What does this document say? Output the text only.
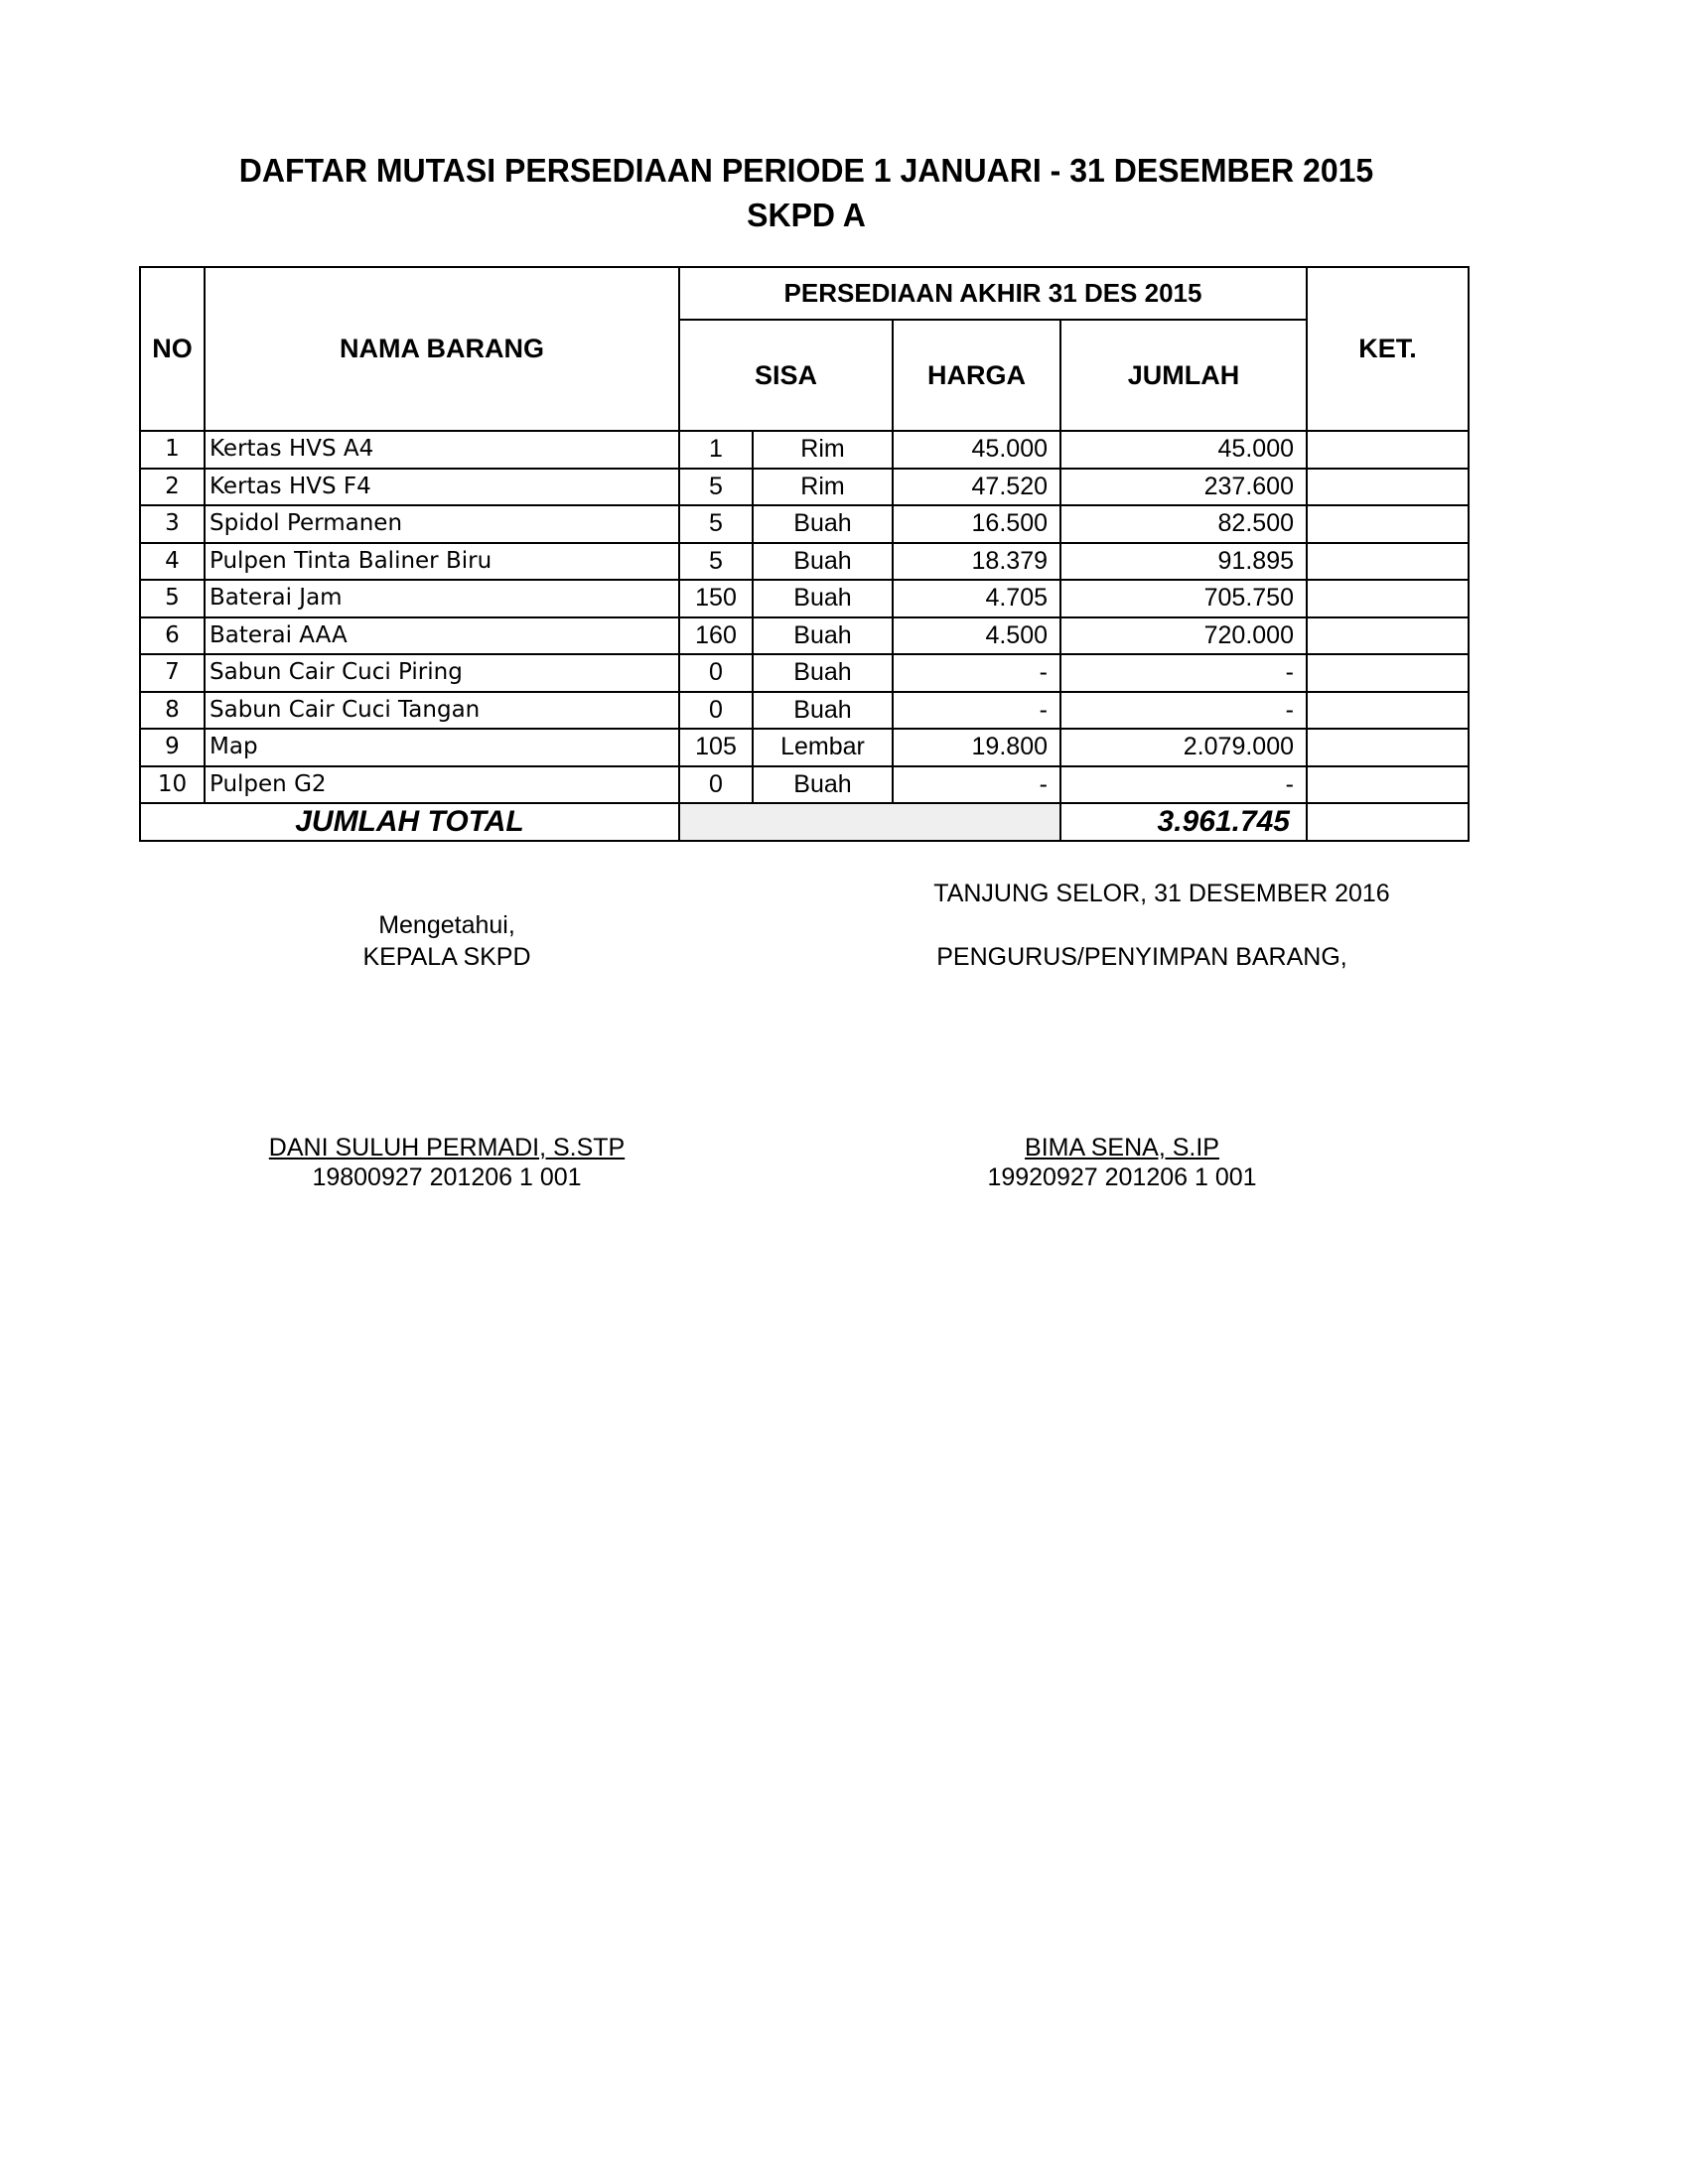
DAFTAR MUTASI PERSEDIAAN PERIODE 1 JANUARI - 31 DESEMBER 2015
SKPD A
NO	NAMA BARANG	PERSEDIAAN AKHIR 31 DES 2015				KET.
		SISA		HARGA	JUMLAH	
1	Kertas HVS A4	1	Rim	45.000	45.000	
2	Kertas HVS F4	5	Rim	47.520	237.600	
3	Spidol Permanen	5	Buah	16.500	82.500	
4	Pulpen Tinta Baliner Biru	5	Buah	18.379	91.895	
5	Baterai Jam	150	Buah	4.705	705.750	
6	Baterai AAA	160	Buah	4.500	720.000	
7	Sabun Cair Cuci Piring	0	Buah	-	-	
8	Sabun Cair Cuci Tangan	0	Buah	-	-	
9	Map	105	Lembar	19.800	2.079.000	
10	Pulpen G2	0	Buah	-	-	
JUMLAH TOTAL					3.961.745	
TANJUNG SELOR, 31 DESEMBER 2016
Mengetahui,
KEPALA SKPD	PENGURUS/PENYIMPAN BARANG,
DANI SULUH PERMADI, S.STP
19800927 201206 1 001
BIMA SENA, S.IP
19920927 201206 1 001
